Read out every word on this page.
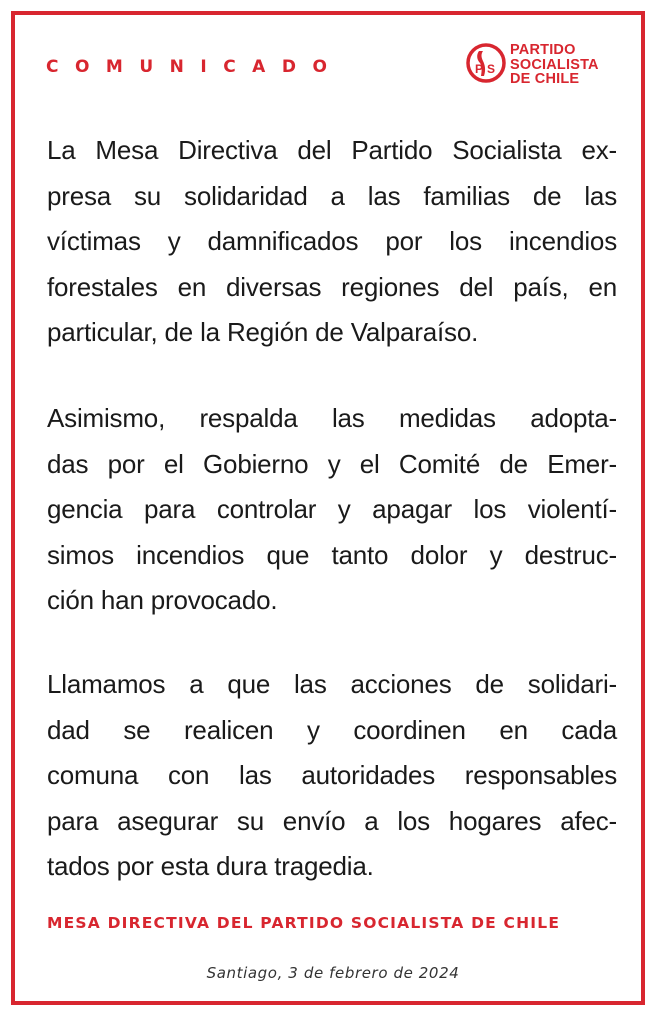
COMUNICADO	P S
PARTIDO
SOCIALISTA
DE CHILE
La Mesa Directiva del Partido Socialista ex-
presa su solidaridad a las familias de las
víctimas y damnificados por los incendios
forestales en diversas regiones del país, en
particular, de la Región de Valparaíso.
Asimismo, respalda las medidas adopta-
das por el Gobierno y el Comité de Emer-
gencia para controlar y apagar los violentí-
simos incendios que tanto dolor y destruc-
ción han provocado.
Llamamos a que las acciones de solidari-
dad se realicen y coordinen en cada
comuna con las autoridades responsables
para asegurar su envío a los hogares afec-
tados por esta dura tragedia.
MESA DIRECTIVA DEL PARTIDO SOCIALISTA DE CHILE
Santiago, 3 de febrero de 2024
